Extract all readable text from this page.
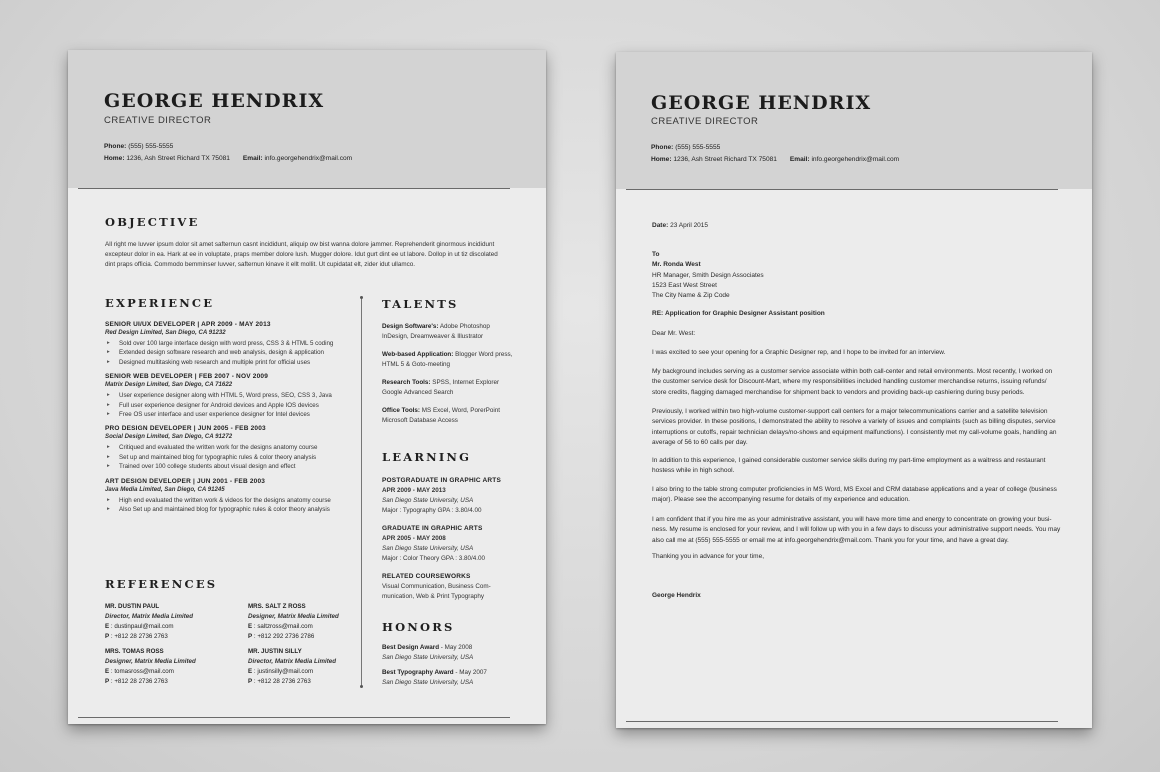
GEORGE HENDRIX
CREATIVE DIRECTOR
Phone: (555) 555-5555
Home: 1236, Ash Street Richard TX 75081 Email: info.georgehendrix@mail.com
OBJECTIVE
All right me luvver ipsum dolor sit amet safternun casnt incididunt, aliquip ow bist wanna dolore jammer. Reprehenderit ginormous incididunt excepteur dolor in ea. Hark at ee in voluptate, praps member dolore lush. Mugger dolore. Idut gurt dint ee ut labore. Dollop in ut tiz discolated dint praps officia. Commodo bemminser luvver, safternun kinave it ellt mollit. Ut cupidatat elt, zider idut ullamco.
EXPERIENCE
SENIOR UI/UX DEVELOPER | APR 2009 - MAY 2013
Red Design Limited, San Diego, CA 91232
▸ Sold over 100 large interface design with word press, CSS 3 & HTML 5 coding
▸ Extended design software research and web analysis, design & application
▸ Designed multitasking web research and multiple print for official uses
SENIOR WEB DEVELOPER | FEB 2007 - NOV 2009
Matrix Design Limited, San Diego, CA 71622
▸ User experience designer along with HTML 5, Word press, SEO, CSS 3, Java
▸ Full user experience designer for Android devices and Apple IOS devices
▸ Free OS user interface and user experience designer for Intel devices
PRO DESIGN DEVELOPER | JUN 2005 - FEB 2003
Social Design Limited, San Diego, CA 91272
▸ Critiqued and evaluated the written work for the designs anatomy course
▸ Set up and maintained blog for typographic rules & color theory analysis
▸ Trained over 100 college students about visual design and effect
ART DESIGN DEVELOPER | JUN 2001 - FEB 2003
Java Media Limited, San Diego, CA 91245
▸ High end evaluated the written work & videos for the designs anatomy course
▸ Also Set up and maintained blog for typographic rules & color theory analysis
REFERENCES
MR. DUSTIN PAUL
Director, Matrix Media Limited
E : dustinpaul@mail.com
P : +812 28 2736 2763
MRS. SALT Z ROSS
Designer, Matrix Media Limited
E : saltzross@mail.com
P : +812 292 2736 2786
MRS. TOMAS ROSS
Designer, Matrix Media Limited
E : tomasross@mail.com
P : +812 28 2736 2763
MR. JUSTIN SILLY
Director, Matrix Media Limited
E : justinsilly@mail.com
P : +812 28 2736 2763
TALENTS
Design Software's: Adobe Photoshop InDesign, Dreamweaver & Illustrator
Web-based Application: Blogger Word press, HTML 5 & Goto-meeting
Research Tools: SPSS, Internet Explorer Google Advanced Search
Office Tools: MS Excel, Word, PorerPoint Microsoft Database Access
LEARNING
POSTGRADUATE IN GRAPHIC ARTS
APR 2009 - MAY 2013
San Diego State University, USA
Major : Typography GPA : 3.80/4.00
GRADUATE IN GRAPHIC ARTS
APR 2005 - MAY 2008
San Diego State University, USA
Major : Color Theory GPA : 3.80/4.00
RELATED COURSEWORKS
Visual Communication, Business Communication, Web & Print Typography
HONORS
Best Design Award - May 2008
San Diego State University, USA
Best Typography Award - May 2007
San Diego State University, USA
GEORGE HENDRIX
CREATIVE DIRECTOR
Phone: (555) 555-5555
Home: 1236, Ash Street Richard TX 75081 Email: info.georgehendrix@mail.com
Date: 23 April 2015
To
Mr. Ronda West
HR Manager, Smith Design Associates
1523 East West Street
The City Name & Zip Code
RE: Application for Graphic Designer Assistant position
Dear Mr. West:
I was excited to see your opening for a Graphic Designer rep, and I hope to be invited for an interview.
My background includes serving as a customer service associate within both call-center and retail environments. Most recently, I worked on the customer service desk for Discount-Mart, where my responsibilities included handling customer merchandise returns, issuing refunds/ store credits, flagging damaged merchandise for shipment back to vendors and providing back-up cashiering during busy periods.
Previously, I worked within two high-volume customer-support call centers for a major telecommunications carrier and a satellite television services provider. In these positions, I demonstrated the ability to resolve a variety of issues and complaints (such as billing disputes, service interruptions or cutoffs, repair technician delays/no-shows and equipment malfunctions). I consistently met my call-volume goals, handling an average of 56 to 60 calls per day.
In addition to this experience, I gained considerable customer service skills during my part-time employment as a waitress and restaurant hostess while in high school.
I also bring to the table strong computer proficiencies in MS Word, MS Excel and CRM database applications and a year of college (business major). Please see the accompanying resume for details of my experience and education.
I am confident that if you hire me as your administrative assistant, you will have more time and energy to concentrate on growing your business. My resume is enclosed for your review, and I will follow up with you in a few days to discuss your administrative support needs. You may also call me at (555) 555-5555 or email me at info.georgehendrix@mail.com. Thank you for your time, and have a great day.
Thanking you in advance for your time,
George Hendrix
